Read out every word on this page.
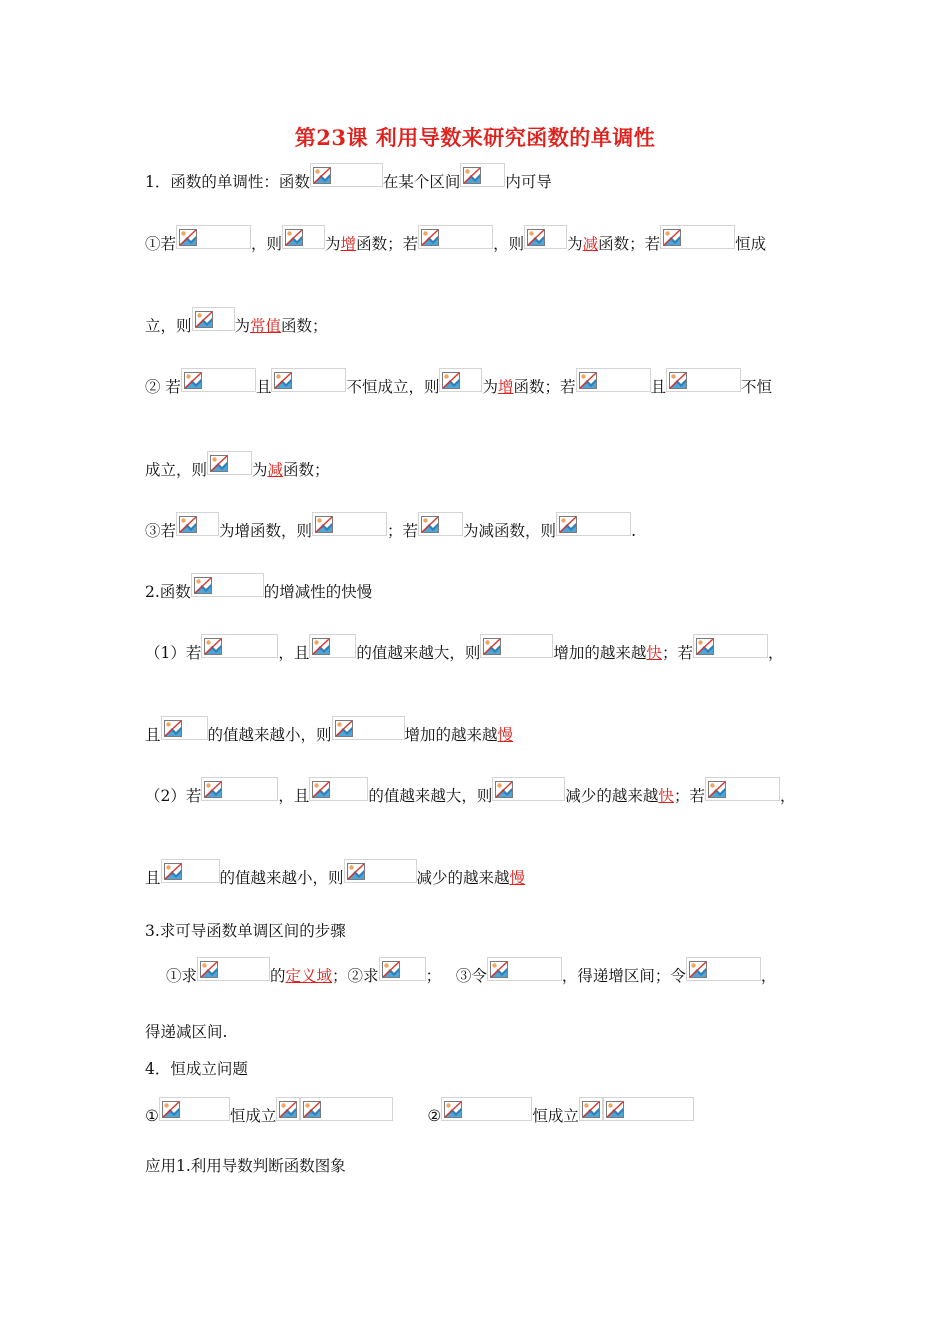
第23课 利用导数来研究函数的单调性
1．函数的单调性：函数	在某个区间	内可导
①若	，则	为增函数；若	，则	为减函数；若	恒成
立，则	为常值函数；
② 若	且	不恒成立，则	为增函数；若	且	不恒
成立，则	为减函数；
③若	为增函数，则	；若	为减函数，则	.
2.函数	的增减性的快慢
（1）若	，且	的值越来越大，则	增加的越来越快；若	，
且	的值越来越小，则	增加的越来越慢
（2）若	，且	的值越来越大，则	减少的越来越快；若	，
且	的值越来越小，则	减少的越来越慢
3.求可导函数单调区间的步骤
①求	的定义域；②求	；   ③令	，得递增区间；令	，
得递减区间.
4．恒成立问题
①	恒成立	②	恒成立
应用1.利用导数判断函数图象
